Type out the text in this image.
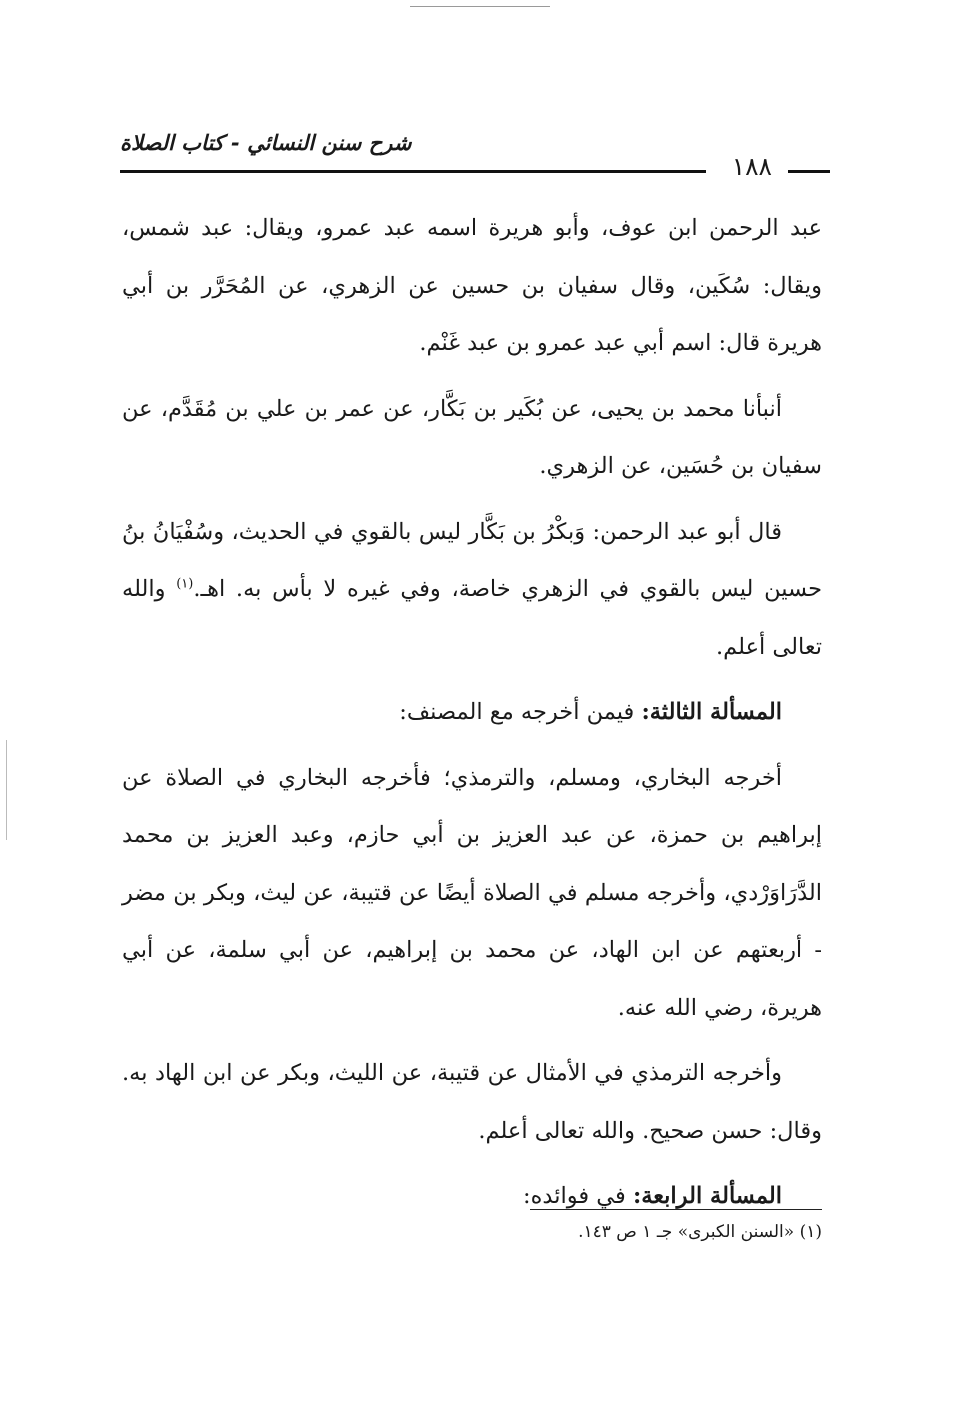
شرح سنن النسائي - كتاب الصلاة
١٨٨

عبد الرحمن ابن عوف، وأبو هريرة اسمه عبد عمرو، ويقال: عبد شمس، ويقال: سُكَين، وقال سفيان بن حسين عن الزهري، عن المُحَرَّر بن أبي هريرة قال: اسم أبي عبد عمرو بن عبد غَنْم.

أنبأنا محمد بن يحيى، عن بُكَير بن بَكَّار، عن عمر بن علي بن مُقَدَّم، عن سفيان بن حُسَين، عن الزهري.

قال أبو عبد الرحمن: وَبكْرُ بن بَكَّار ليس بالقوي في الحديث، وسُفْيَانُ بنُ حسين ليس بالقوي في الزهري خاصة، وفي غيره لا بأس به. اهـ.$^{(١)}$ والله تعالى أعلم.

المسألة الثالثة: فيمن أخرجه مع المصنف:

أخرجه البخاري، ومسلم، والترمذي؛ فأخرجه البخاري في الصلاة عن إبراهيم بن حمزة، عن عبد العزيز بن أبي حازم، وعبد العزيز بن محمد الدَّرَاوَرْدي، وأخرجه مسلم في الصلاة أيضًا عن قتيبة، عن ليث، وبكر بن مضر - أربعتهم عن ابن الهاد، عن محمد بن إبراهيم، عن أبي سلمة، عن أبي هريرة، رضي الله عنه.

وأخرجه الترمذي في الأمثال عن قتيبة، عن الليث، وبكر عن ابن الهاد به. وقال: حسن صحيح. والله تعالى أعلم.

المسألة الرابعة: في فوائده:

(١) «السنن الكبرى» جـ ١ ص ١٤٣.
